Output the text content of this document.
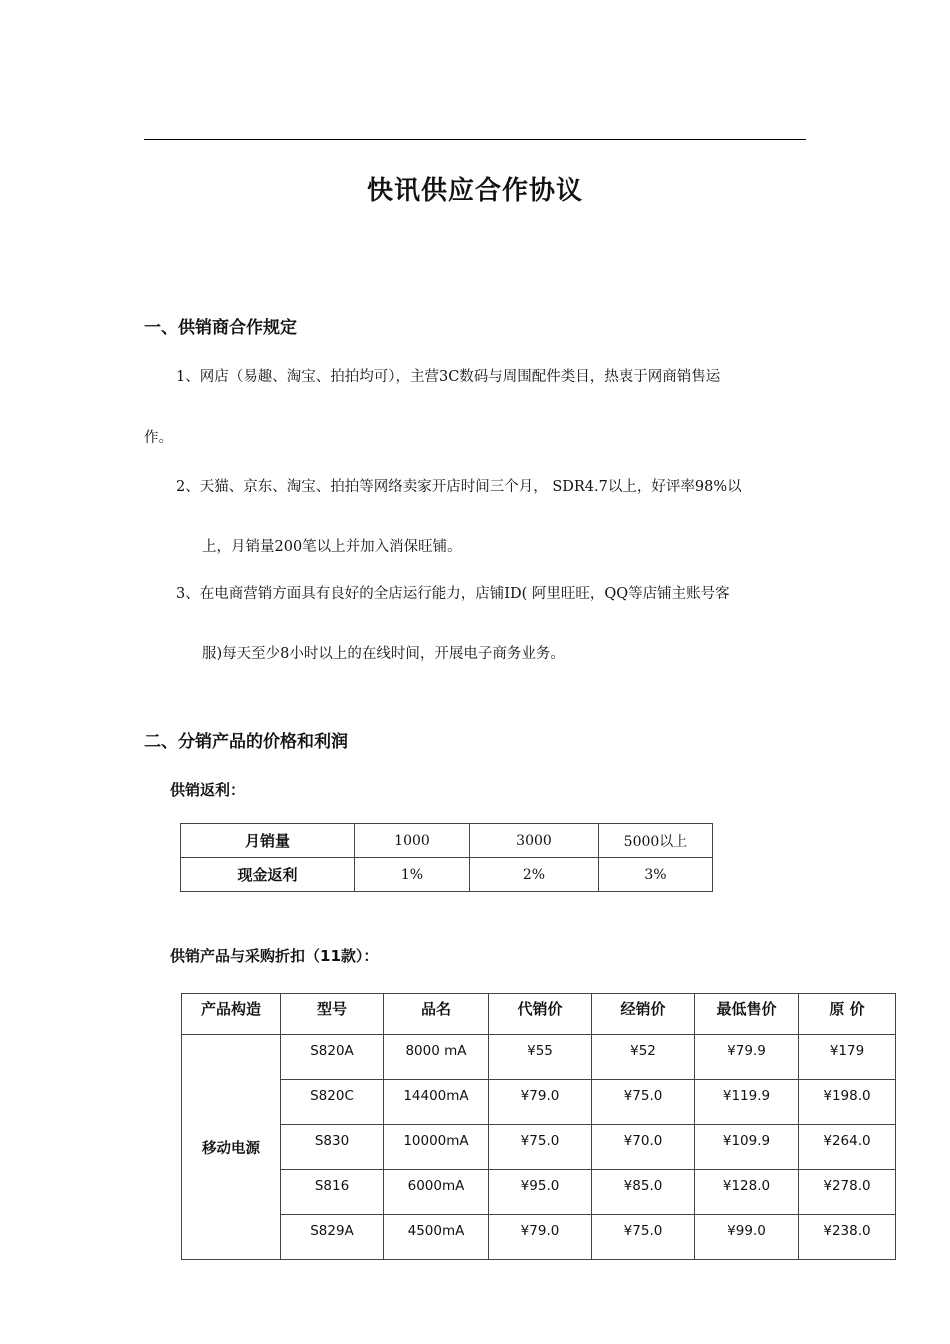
快讯供应合作协议
一、供销商合作规定
1、网店（易趣、淘宝、拍拍均可），主营3C数码与周围配件类目，热衷于网商销售运
作。
2、天猫、京东、淘宝、拍拍等网络卖家开店时间三个月， SDR4.7以上，好评率98%以
上，月销量200笔以上并加入消保旺铺。
3、在电商营销方面具有良好的全店运行能力，店铺ID( 阿里旺旺，QQ等店铺主账号客
服)每天至少8小时以上的在线时间，开展电子商务业务。
二、分销产品的价格和利润
供销返利：
月销量	1000	3000	5000以上
现金返利	1%	2%	3%
供销产品与采购折扣（11款）：
产品构造	型号	品名	代销价	经销价	最低售价	原 价
移动电源	S820A	8000 mA	¥55	¥52	¥79.9	¥179
	S820C	14400mA	¥79.0	¥75.0	¥119.9	¥198.0
	S830	10000mA	¥75.0	¥70.0	¥109.9	¥264.0
	S816	6000mA	¥95.0	¥85.0	¥128.0	¥278.0
	S829A	4500mA	¥79.0	¥75.0	¥99.0	¥238.0
